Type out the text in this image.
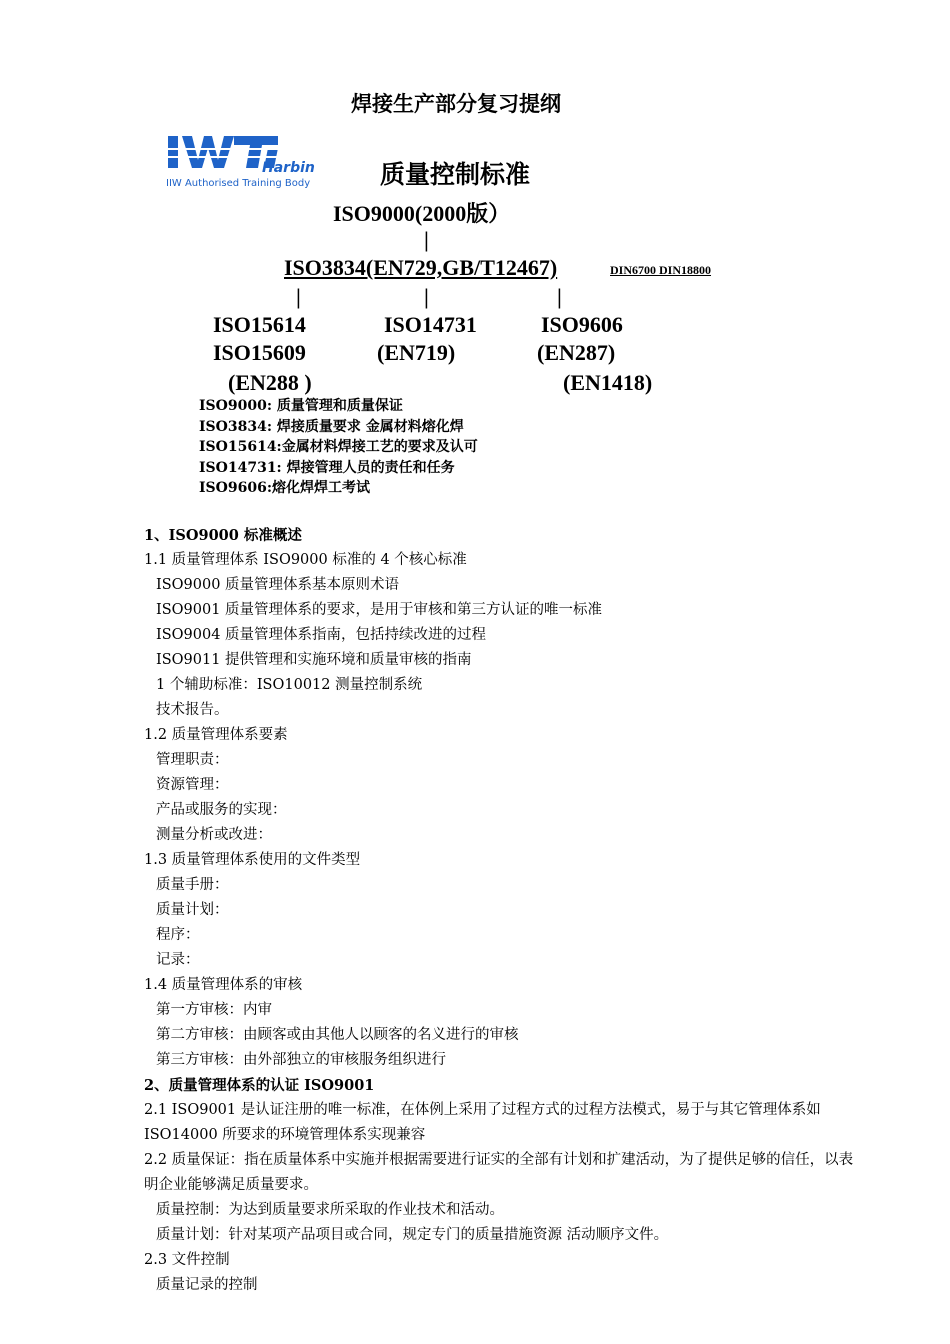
焊接生产部分复习提纲
Harbin
IIW Authorised Training Body	质量控制标准
ISO9000(2000版）
|
ISO3834(EN729,GB/T12467)	DIN6700 DIN18800
|	|	|
ISO15614
ISO15609
(EN288 )
ISO14731
(EN719)
ISO9606
(EN287)
(EN1418)
ISO9000: 质量管理和质量保证
ISO3834: 焊接质量要求 金属材料熔化焊
ISO15614:金属材料焊接工艺的要求及认可
ISO14731: 焊接管理人员的责任和任务
ISO9606:熔化焊焊工考试
1、ISO9000 标准概述
1.1 质量管理体系 ISO9000 标准的 4 个核心标准
ISO9000 质量管理体系基本原则术语
ISO9001 质量管理体系的要求，是用于审核和第三方认证的唯一标准
ISO9004 质量管理体系指南，包括持续改进的过程
ISO9011 提供管理和实施环境和质量审核的指南
1 个辅助标准：ISO10012 测量控制系统
技术报告。
1.2 质量管理体系要素
管理职责：
资源管理：
产品或服务的实现：
测量分析或改进：
1.3 质量管理体系使用的文件类型
质量手册：
质量计划：
程序：
记录：
1.4 质量管理体系的审核
第一方审核：内审
第二方审核：由顾客或由其他人以顾客的名义进行的审核
第三方审核：由外部独立的审核服务组织进行
2、质量管理体系的认证 ISO9001
2.1 ISO9001 是认证注册的唯一标准，在体例上采用了过程方式的过程方法模式，易于与其它管理体系如 ISO14000 所要求的环境管理体系实现兼容
2.2 质量保证：指在质量体系中实施并根据需要进行证实的全部有计划和扩建活动，为了提供足够的信任，以表明企业能够满足质量要求。
质量控制：为达到质量要求所采取的作业技术和活动。
质量计划：针对某项产品项目或合同，规定专门的质量措施资源 活动顺序文件。
2.3 文件控制
质量记录的控制
